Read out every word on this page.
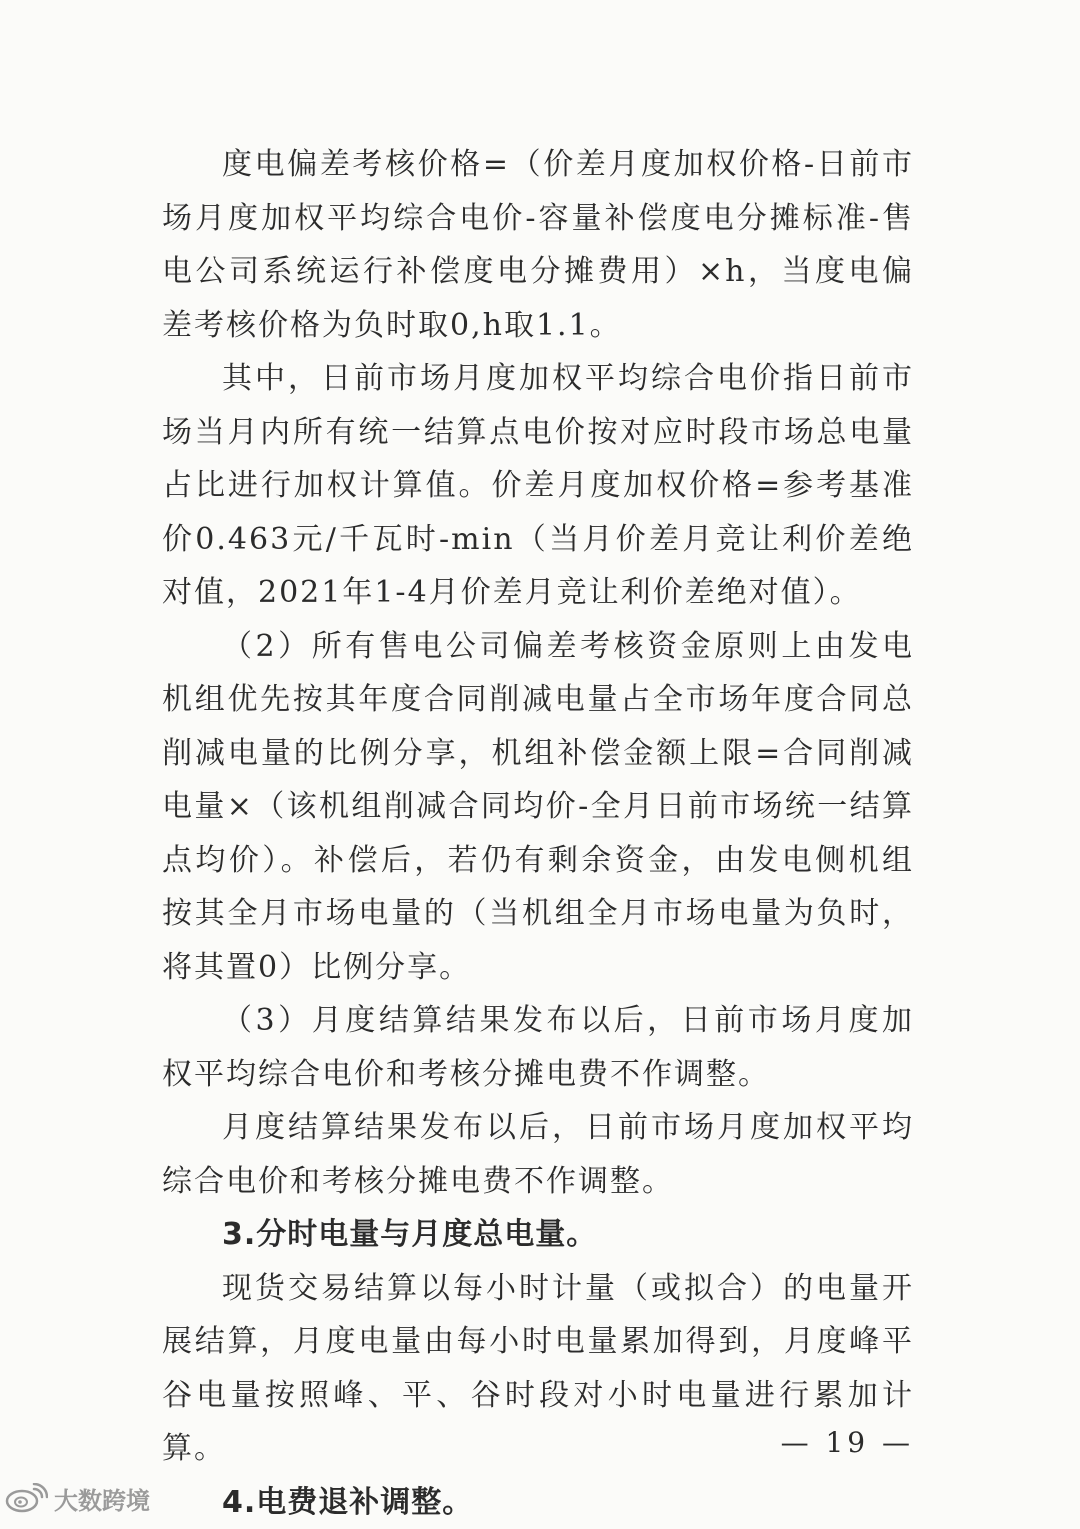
度电偏差考核价格=（价差月度加权价格-日前市场月度加权平均综合电价-容量补偿度电分摊标准-售电公司系统运行补偿度电分摊费用）×h，当度电偏差考核价格为负时取0,h取1.1。

其中，日前市场月度加权平均综合电价指日前市场当月内所有统一结算点电价按对应时段市场总电量占比进行加权计算值。价差月度加权价格=参考基准价0.463元/千瓦时-min（当月价差月竞让利价差绝对值，2021年1-4月价差月竞让利价差绝对值）。

（2）所有售电公司偏差考核资金原则上由发电机组优先按其年度合同削减电量占全市场年度合同总削减电量的比例分享，机组补偿金额上限=合同削减电量×（该机组削减合同均价-全月日前市场统一结算点均价）。补偿后，若仍有剩余资金，由发电侧机组按其全月市场电量的（当机组全月市场电量为负时，将其置0）比例分享。

（3）月度结算结果发布以后，日前市场月度加权平均综合电价和考核分摊电费不作调整。

月度结算结果发布以后，日前市场月度加权平均综合电价和考核分摊电费不作调整。

3.分时电量与月度总电量。

现货交易结算以每小时计量（或拟合）的电量开展结算，月度电量由每小时电量累加得到，月度峰平谷电量按照峰、平、谷时段对小时电量进行累加计算。

4.电费退补调整。

— 19 —
大数跨境
